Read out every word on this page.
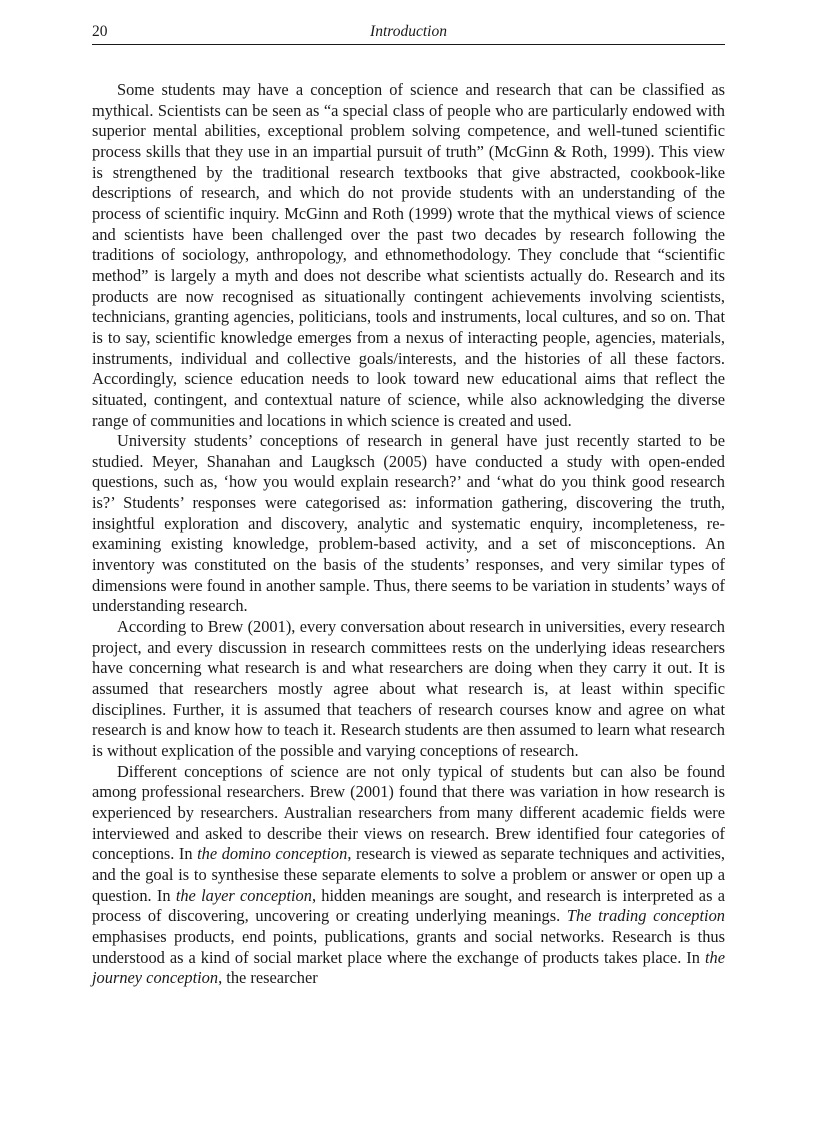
20	Introduction

Some students may have a conception of science and research that can be classified as mythical. Scientists can be seen as “a special class of people who are particularly endowed with superior mental abilities, exceptional problem solving competence, and well-tuned scientific process skills that they use in an impartial pursuit of truth” (McGinn & Roth, 1999). This view is strengthened by the traditional research textbooks that give abstracted, cookbook-like descriptions of research, and which do not provide students with an understanding of the process of scientific inquiry. McGinn and Roth (1999) wrote that the mythical views of science and scientists have been challenged over the past two decades by research following the traditions of sociology, anthropology, and ethnomethodology. They conclude that “scientific method” is largely a myth and does not describe what scientists actually do. Research and its products are now recognised as situationally contingent achievements involving scientists, technicians, granting agencies, politicians, tools and instruments, local cultures, and so on. That is to say, scientific knowledge emerges from a nexus of interacting people, agencies, materials, instruments, individual and collective goals/interests, and the histories of all these factors. Accordingly, science education needs to look toward new educational aims that reflect the situated, contingent, and contextual nature of science, while also acknowledging the diverse range of communities and locations in which science is created and used.

University students’ conceptions of research in general have just recently started to be studied. Meyer, Shanahan and Laugksch (2005) have conducted a study with open-ended questions, such as, ‘how you would explain research?’ and ‘what do you think good research is?’ Students’ responses were categorised as: information gathering, discovering the truth, insightful exploration and discovery, analytic and systematic enquiry, incompleteness, re-examining existing knowledge, problem-based activity, and a set of misconceptions. An inventory was constituted on the basis of the students’ responses, and very similar types of dimensions were found in another sample. Thus, there seems to be variation in students’ ways of understanding research.

According to Brew (2001), every conversation about research in universities, every research project, and every discussion in research committees rests on the underlying ideas researchers have concerning what research is and what researchers are doing when they carry it out. It is assumed that researchers mostly agree about what research is, at least within specific disciplines. Further, it is assumed that teachers of research courses know and agree on what research is and know how to teach it. Research students are then assumed to learn what research is without explication of the possible and varying conceptions of research.

Different conceptions of science are not only typical of students but can also be found among professional researchers. Brew (2001) found that there was variation in how research is experienced by researchers. Australian researchers from many different academic fields were interviewed and asked to describe their views on research. Brew identified four categories of conceptions. In the domino conception, research is viewed as separate techniques and activities, and the goal is to synthesise these separate elements to solve a problem or answer or open up a question. In the layer conception, hidden meanings are sought, and research is interpreted as a process of discovering, uncovering or creating underlying meanings. The trading conception emphasises products, end points, publications, grants and social networks. Research is thus understood as a kind of social market place where the exchange of products takes place. In the journey conception, the researcher
